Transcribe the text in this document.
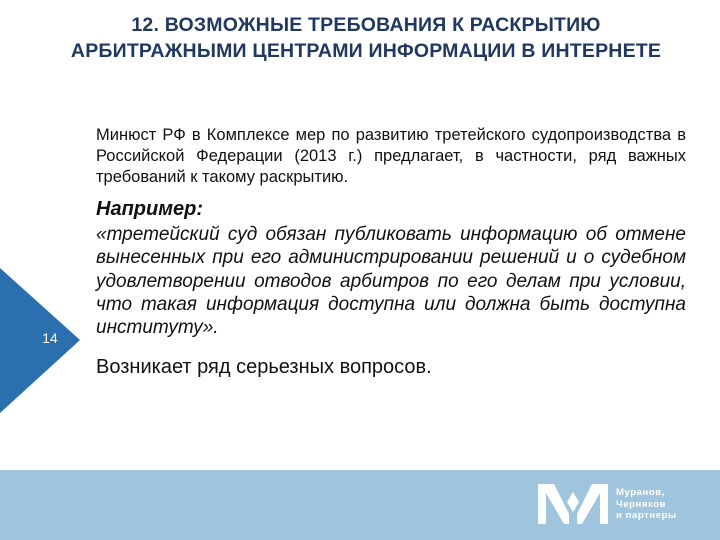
12. ВОЗМОЖНЫЕ ТРЕБОВАНИЯ К РАСКРЫТИЮ АРБИТРАЖНЫМИ ЦЕНТРАМИ ИНФОРМАЦИИ В ИНТЕРНЕТЕ

Минюст РФ в Комплексе мер по развитию третейского судопроизводства в Российской Федерации (2013 г.) предлагает, в частности, ряд важных требований к такому раскрытию.

Например:

«третейский суд обязан публиковать информацию об отмене вынесенных при его администрировании решений и о судебном удовлетворении отводов арбитров по его делам при условии, что такая информация доступна или должна быть доступна институту».

Возникает ряд серьезных вопросов.
14
Муранов,
Черняков
и партнеры
